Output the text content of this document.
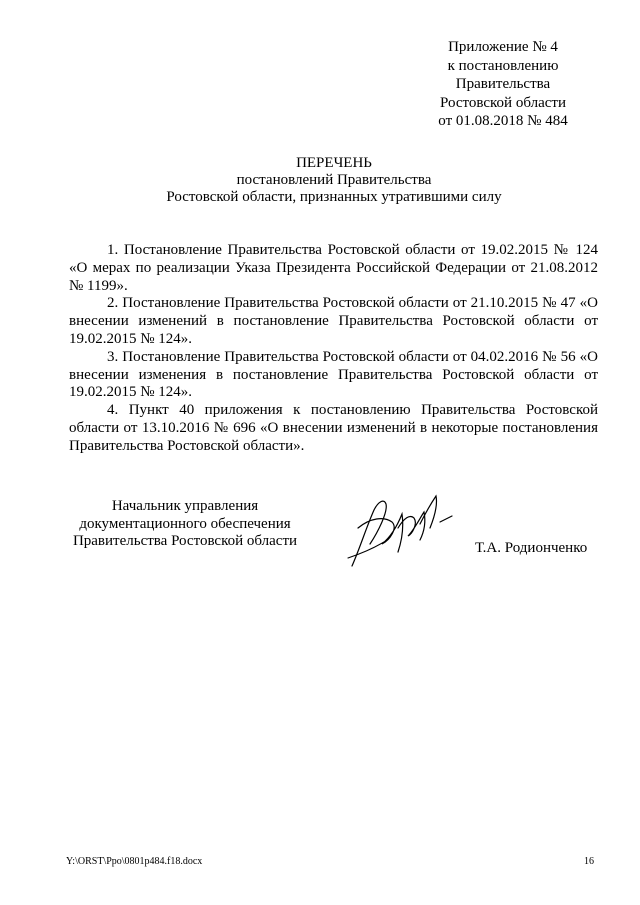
Приложение № 4
к постановлению
Правительства
Ростовской области
от 01.08.2018 № 484
ПЕРЕЧЕНЬ
постановлений Правительства
Ростовской области, признанных утратившими силу

1. Постановление Правительства Ростовской области от 19.02.2015 № 124 «О мерах по реализации Указа Президента Российской Федерации от 21.08.2012 № 1199».

2. Постановление Правительства Ростовской области от 21.10.2015 № 47 «О внесении изменений в постановление Правительства Ростовской области от 19.02.2015 № 124».

3. Постановление Правительства Ростовской области от 04.02.2016 № 56 «О внесении изменения в постановление Правительства Ростовской области от 19.02.2015 № 124».

4. Пункт 40 приложения к постановлению Правительства Ростовской области от 13.10.2016 № 696 «О внесении изменений в некоторые постановления Правительства Ростовской области».

Начальник управления
документационного обеспечения
Правительства Ростовской области	Т.А. Родионченко
Y:\ORST\Ppo\0801p484.f18.docx	16
